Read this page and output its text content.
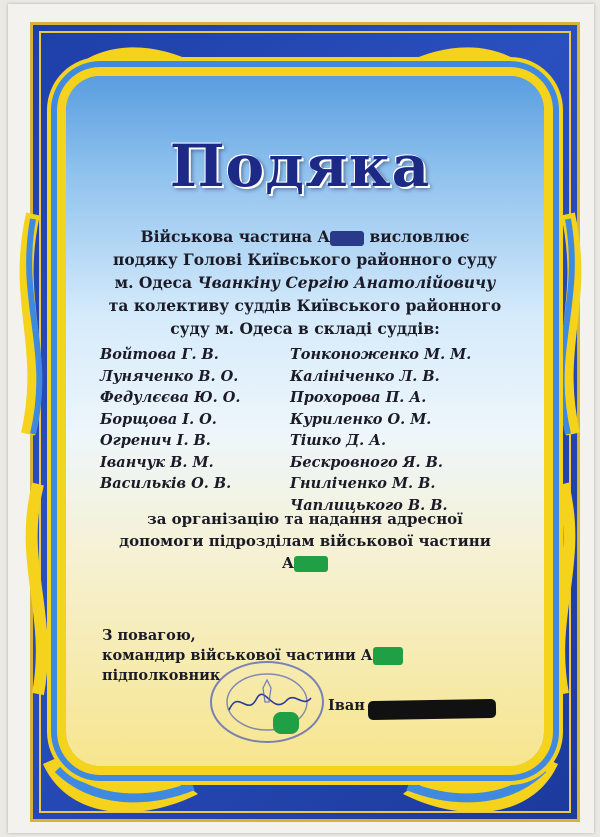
Подяка
Військова частина А висловлює
подяку Голові Київського районного суду
м. Одеса Чванкіну Сергію Анатолійовичу
та колективу суддів Київського районного
суду м. Одеса в складі суддів:
Войтова Г. В.
Луняченко В. О.
Федулєєва Ю. О.
Борщова І. О.
Огренич І. В.
Іванчук В. М.
Васильків О. В.
Тонконоженко М. М.
Калініченко Л. В.
Прохорова П. А.
Куриленко О. М.
Тішко Д. А.
Бескровного Я. В.
Гниліченко М. В.
Чаплицького В. В.
за організацію та надання адресної
допомоги підрозділам військової частини
А
З повагою,
командир військової частини А
підполковник
Іван
